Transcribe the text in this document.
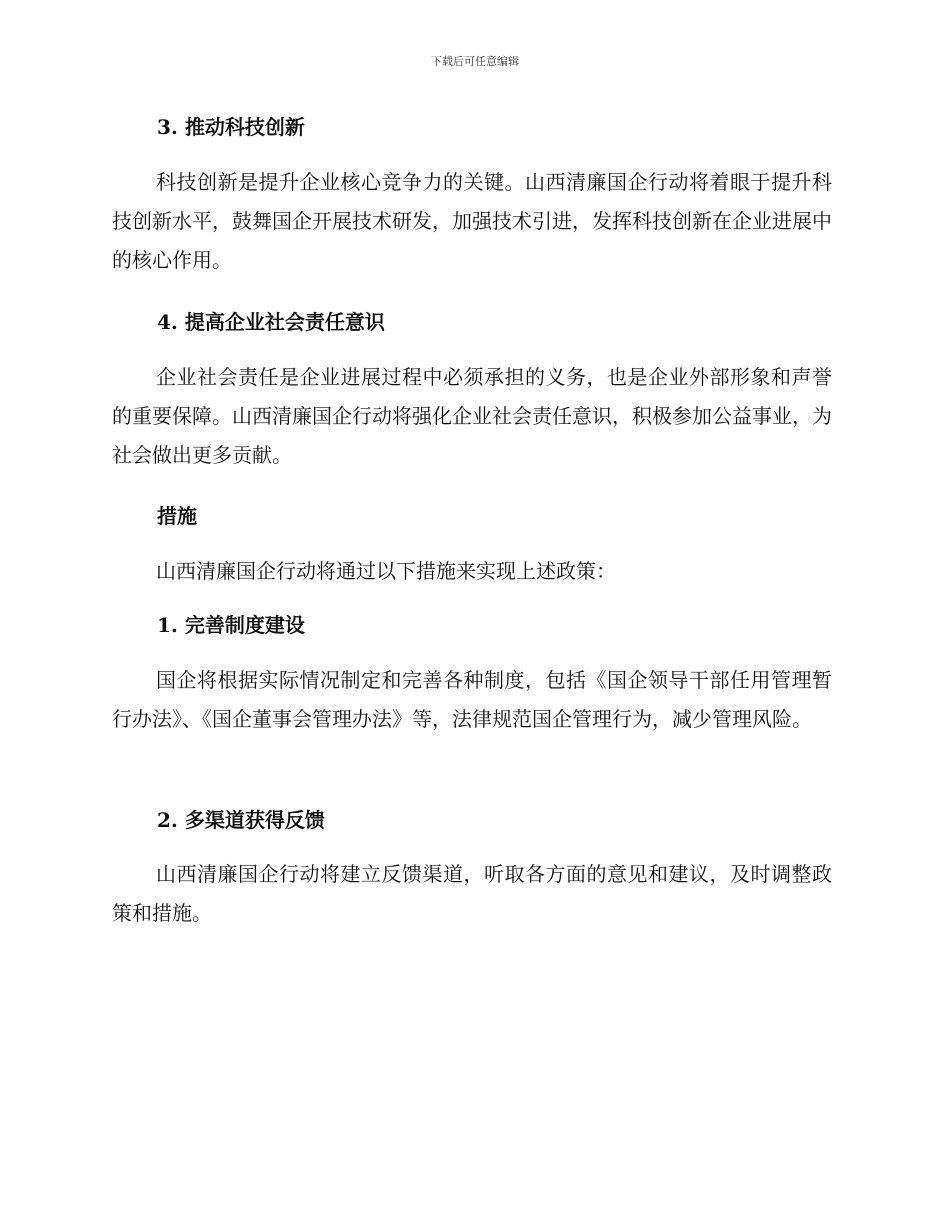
下载后可任意编辑
3. 推动科技创新
科技创新是提升企业核心竞争力的关键。山西清廉国企行动将着眼于提升科技创新水平，鼓舞国企开展技术研发，加强技术引进，发挥科技创新在企业进展中的核心作用。
4. 提高企业社会责任意识
企业社会责任是企业进展过程中必须承担的义务，也是企业外部形象和声誉的重要保障。山西清廉国企行动将强化企业社会责任意识，积极参加公益事业，为社会做出更多贡献。
措施
山西清廉国企行动将通过以下措施来实现上述政策：
1. 完善制度建设
国企将根据实际情况制定和完善各种制度，包括《国企领导干部任用管理暂行办法》、《国企董事会管理办法》等，法律规范国企管理行为，减少管理风险。
2. 多渠道获得反馈
山西清廉国企行动将建立反馈渠道，听取各方面的意见和建议，及时调整政策和措施。
